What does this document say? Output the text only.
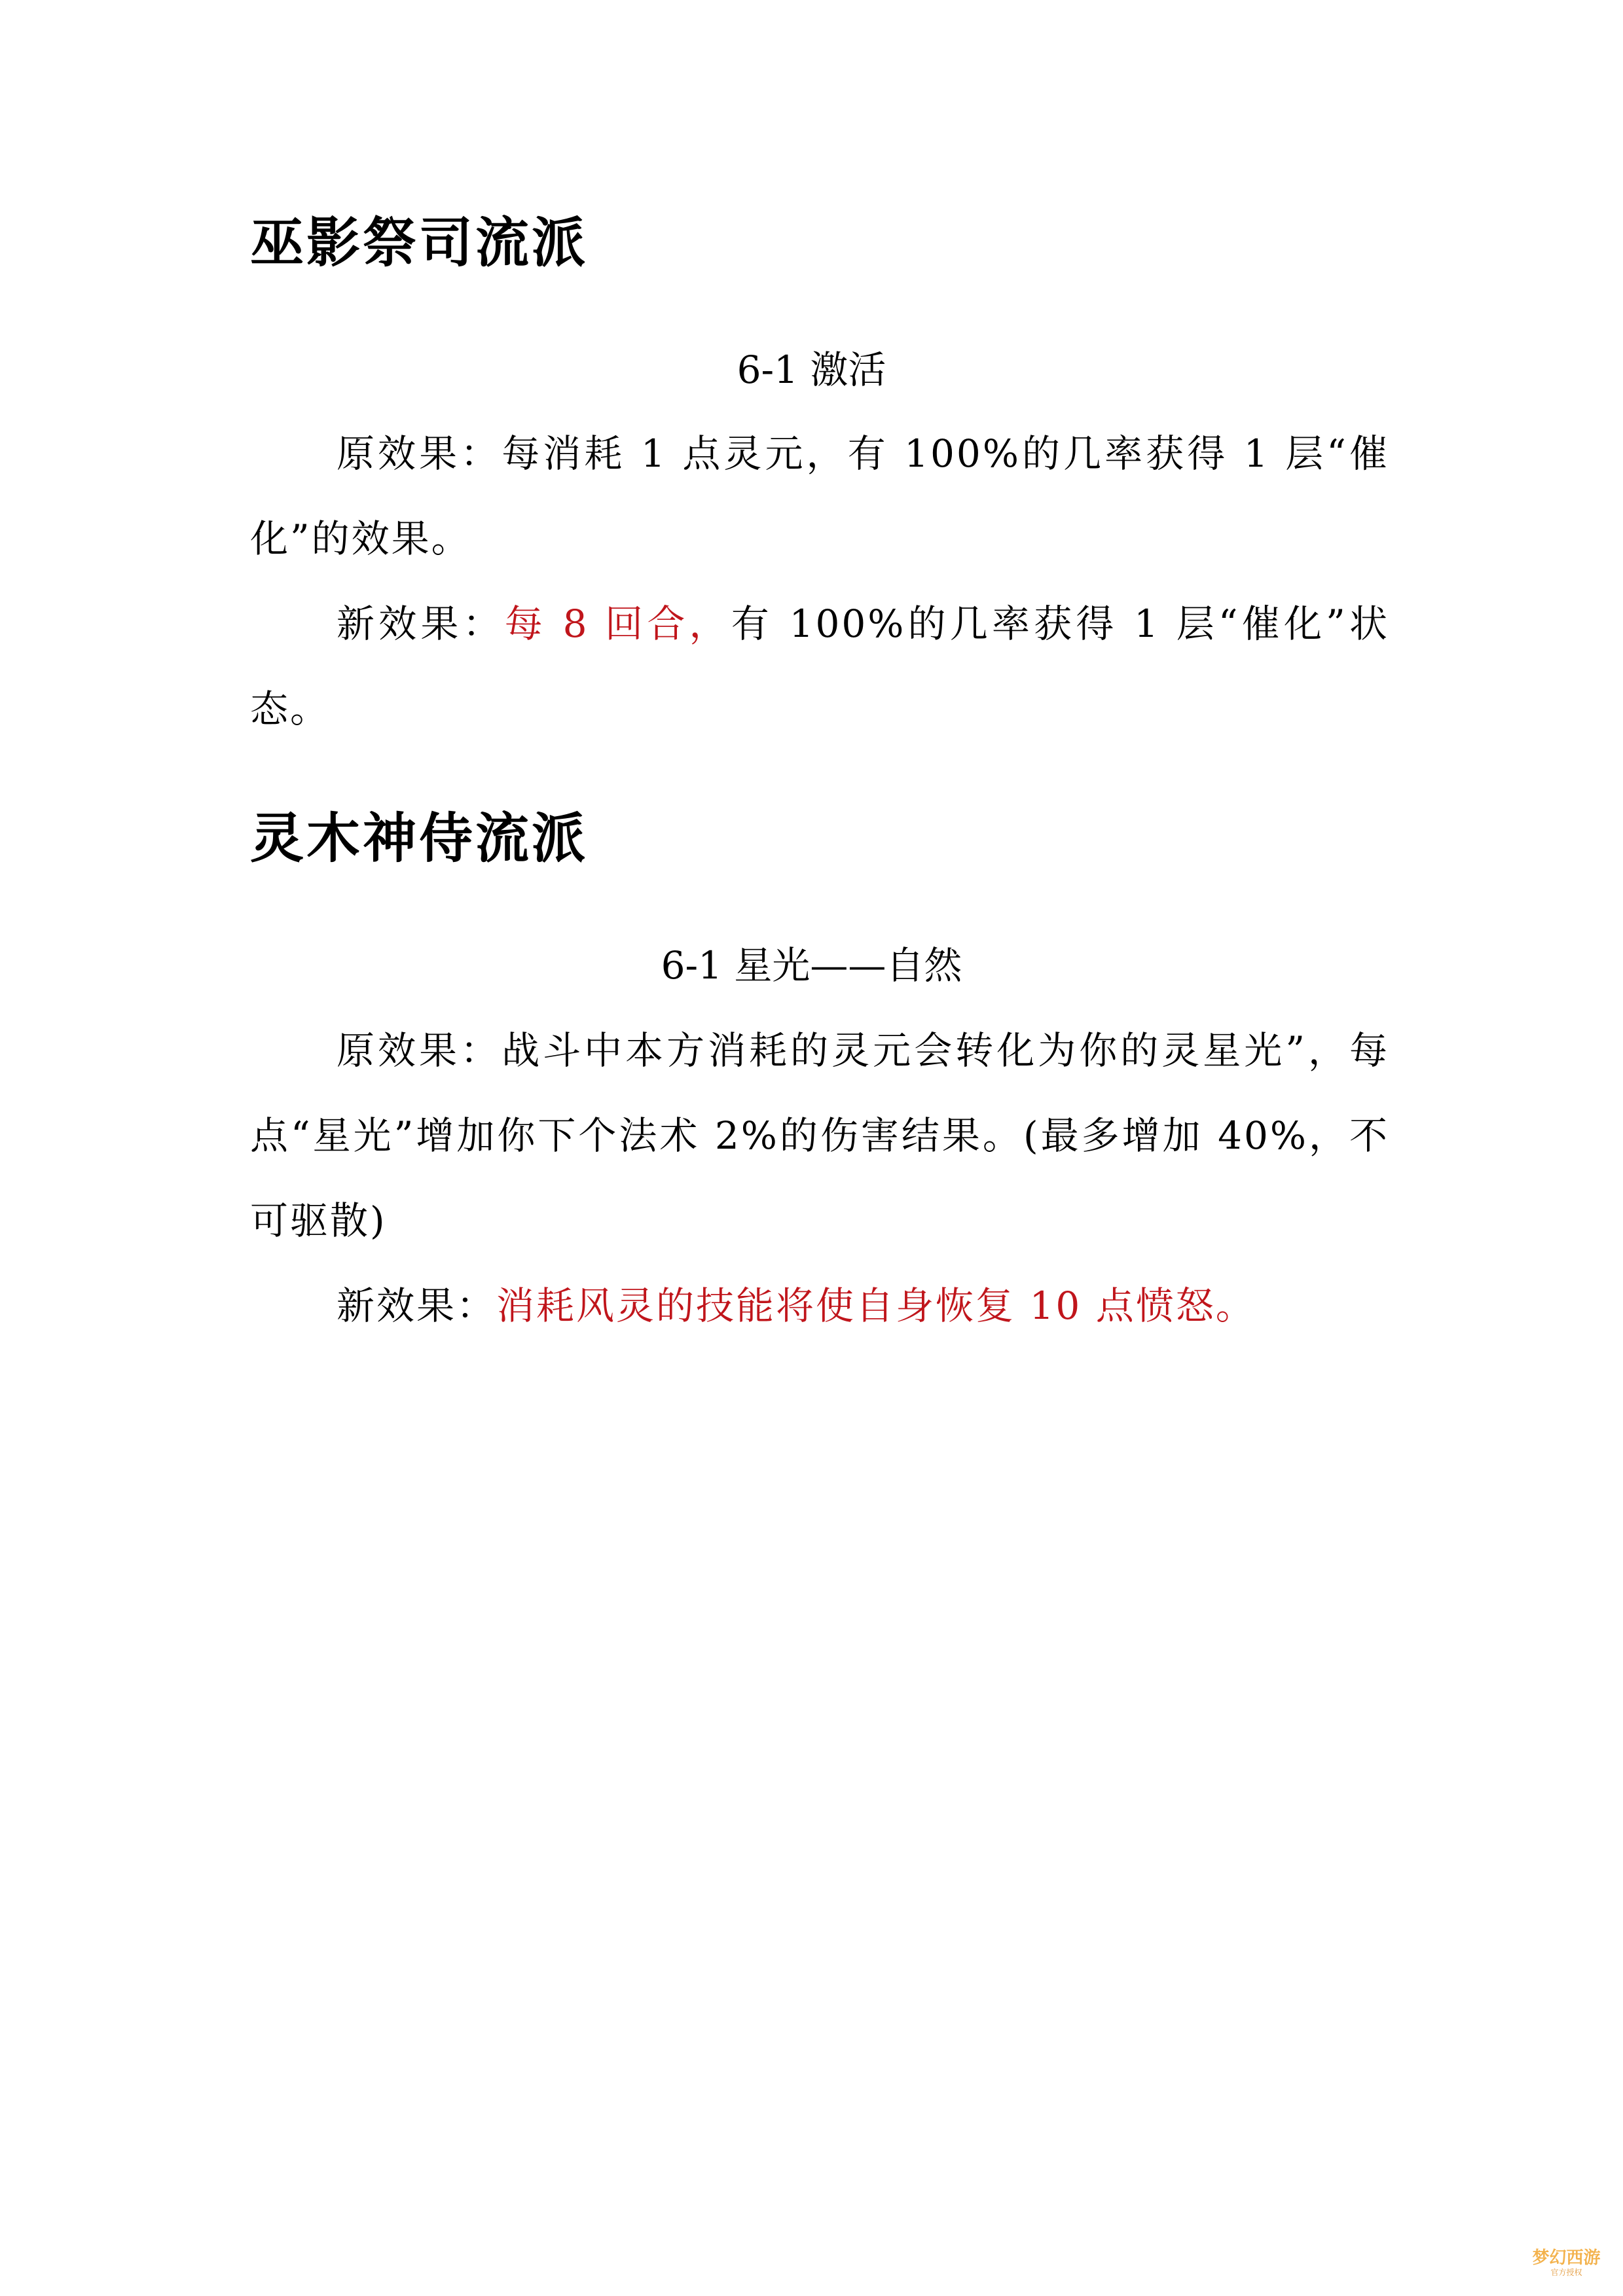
巫影祭司流派
6-1 激活

原效果：每消耗 1 点灵元，有 100%的几率获得 1 层“催化”的效果。

新效果：每 8 回合，有 100%的几率获得 1 层“催化”状态。

灵木神侍流派
6-1 星光——自然

原效果：战斗中本方消耗的灵元会转化为你的灵星光”，每点“星光”增加你下个法术 2%的伤害结果。(最多增加 40%，不可驱散)

新效果：消耗风灵的技能将使自身恢复 10 点愤怒。

梦幻西游
官方授权
